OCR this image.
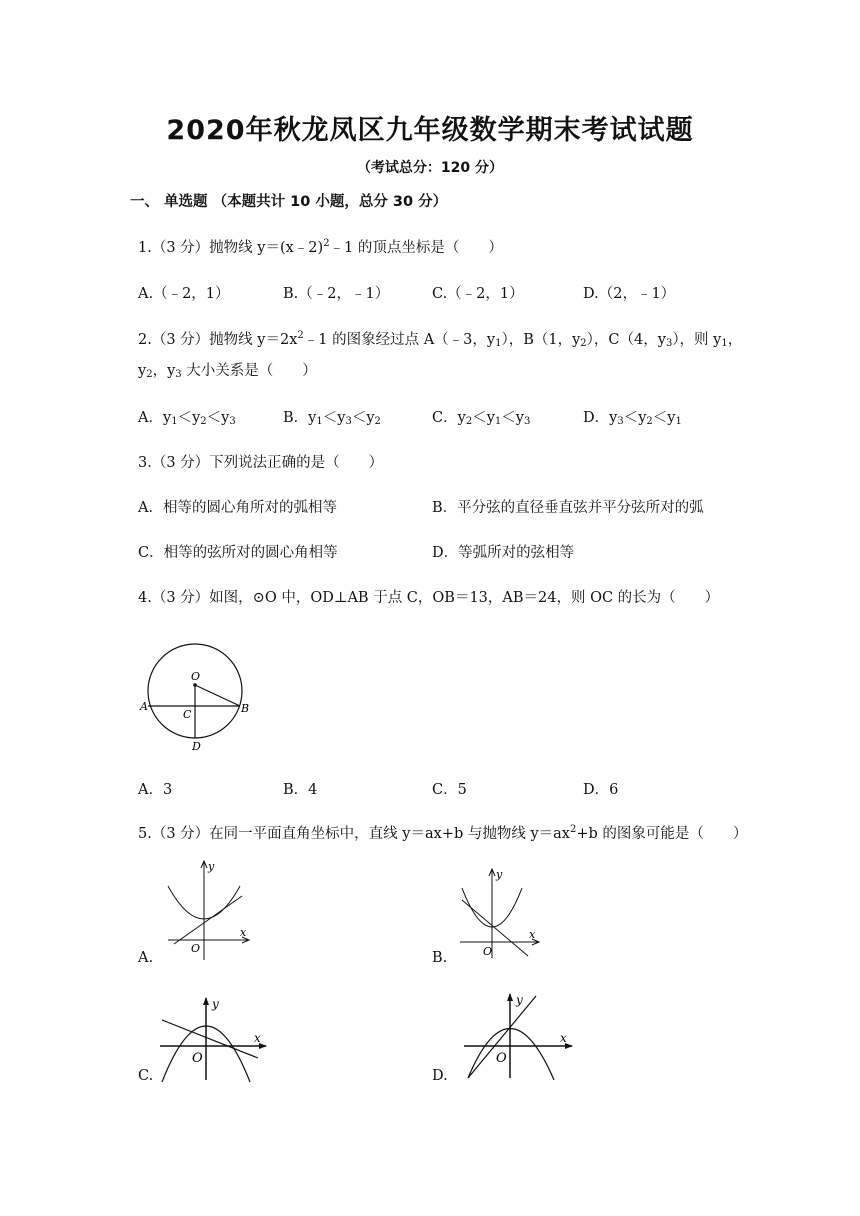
2020年秋龙凤区九年级数学期末考试试题
（考试总分：120 分）
一、 单选题 （本题共计 10 小题，总分 30 分）
1.（3 分）抛物线 y＝(x﹣2)$^2$﹣1 的顶点坐标是（　　）
A.（﹣2，1）	B.（﹣2，﹣1）	C.（﹣2，1）	D.（2，﹣1）
2.（3 分）抛物线 $y=2x^2﹣1$ 的图象经过点 A（﹣3，$y_1$），B（1，$y_2$），C（4，$y_3$），则 $y_1$，
$y_2$，$y_3$ 大小关系是（　　）
A．$y_1<y_2<y_3$	B．$y_1<y_3<y_2$	C．$y_2<y_1<y_3$	D．$y_3<y_2<y_1$
3.（3 分）下列说法正确的是（　　）
A．相等的圆心角所对的弧相等	B．平分弦的直径垂直弦并平分弦所对的弧
C．相等的弦所对的圆心角相等	D．等弧所对的弦相等
4.（3 分）如图，⊙O 中，OD⊥AB 于点 C，OB＝13，AB＝24，则 OC 的长为（　　）
O
A	B
C
D
A．3	B．4	C．5	D．6
5.（3 分）在同一平面直角坐标中，直线 y＝ax+b 与抛物线 $y=ax^2+b$ 的图象可能是（　　）
A.
y
x
O
B.
y
x
O
C.
y
x
O
D.
y
x
O
